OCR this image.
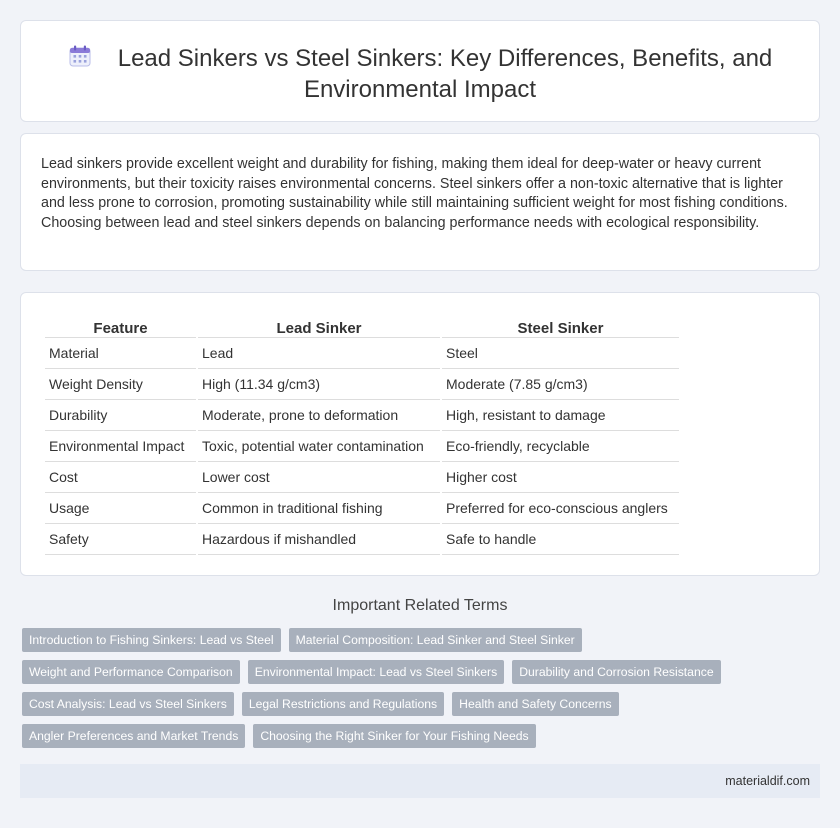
Lead Sinkers vs Steel Sinkers: Key Differences, Benefits, and
Environmental Impact

Lead sinkers provide excellent weight and durability for fishing, making them ideal for deep-water or heavy current environments, but their toxicity raises environmental concerns. Steel sinkers offer a non-toxic alternative that is lighter and less prone to corrosion, promoting sustainability while still maintaining sufficient weight for most fishing conditions. Choosing between lead and steel sinkers depends on balancing performance needs with ecological responsibility.

Feature	Lead Sinker	Steel Sinker
Material	Lead	Steel
Weight Density	High (11.34 g/cm3)	Moderate (7.85 g/cm3)
Durability	Moderate, prone to deformation	High, resistant to damage
Environmental Impact	Toxic, potential water contamination	Eco-friendly, recyclable
Cost	Lower cost	Higher cost
Usage	Common in traditional fishing	Preferred for eco-conscious anglers
Safety	Hazardous if mishandled	Safe to handle
Important Related Terms
Introduction to Fishing Sinkers: Lead vs Steel	Material Composition: Lead Sinker and Steel Sinker
Weight and Performance Comparison	Environmental Impact: Lead vs Steel Sinkers	Durability and Corrosion Resistance
Cost Analysis: Lead vs Steel Sinkers	Legal Restrictions and Regulations	Health and Safety Concerns
Angler Preferences and Market Trends	Choosing the Right Sinker for Your Fishing Needs
materialdif.com
